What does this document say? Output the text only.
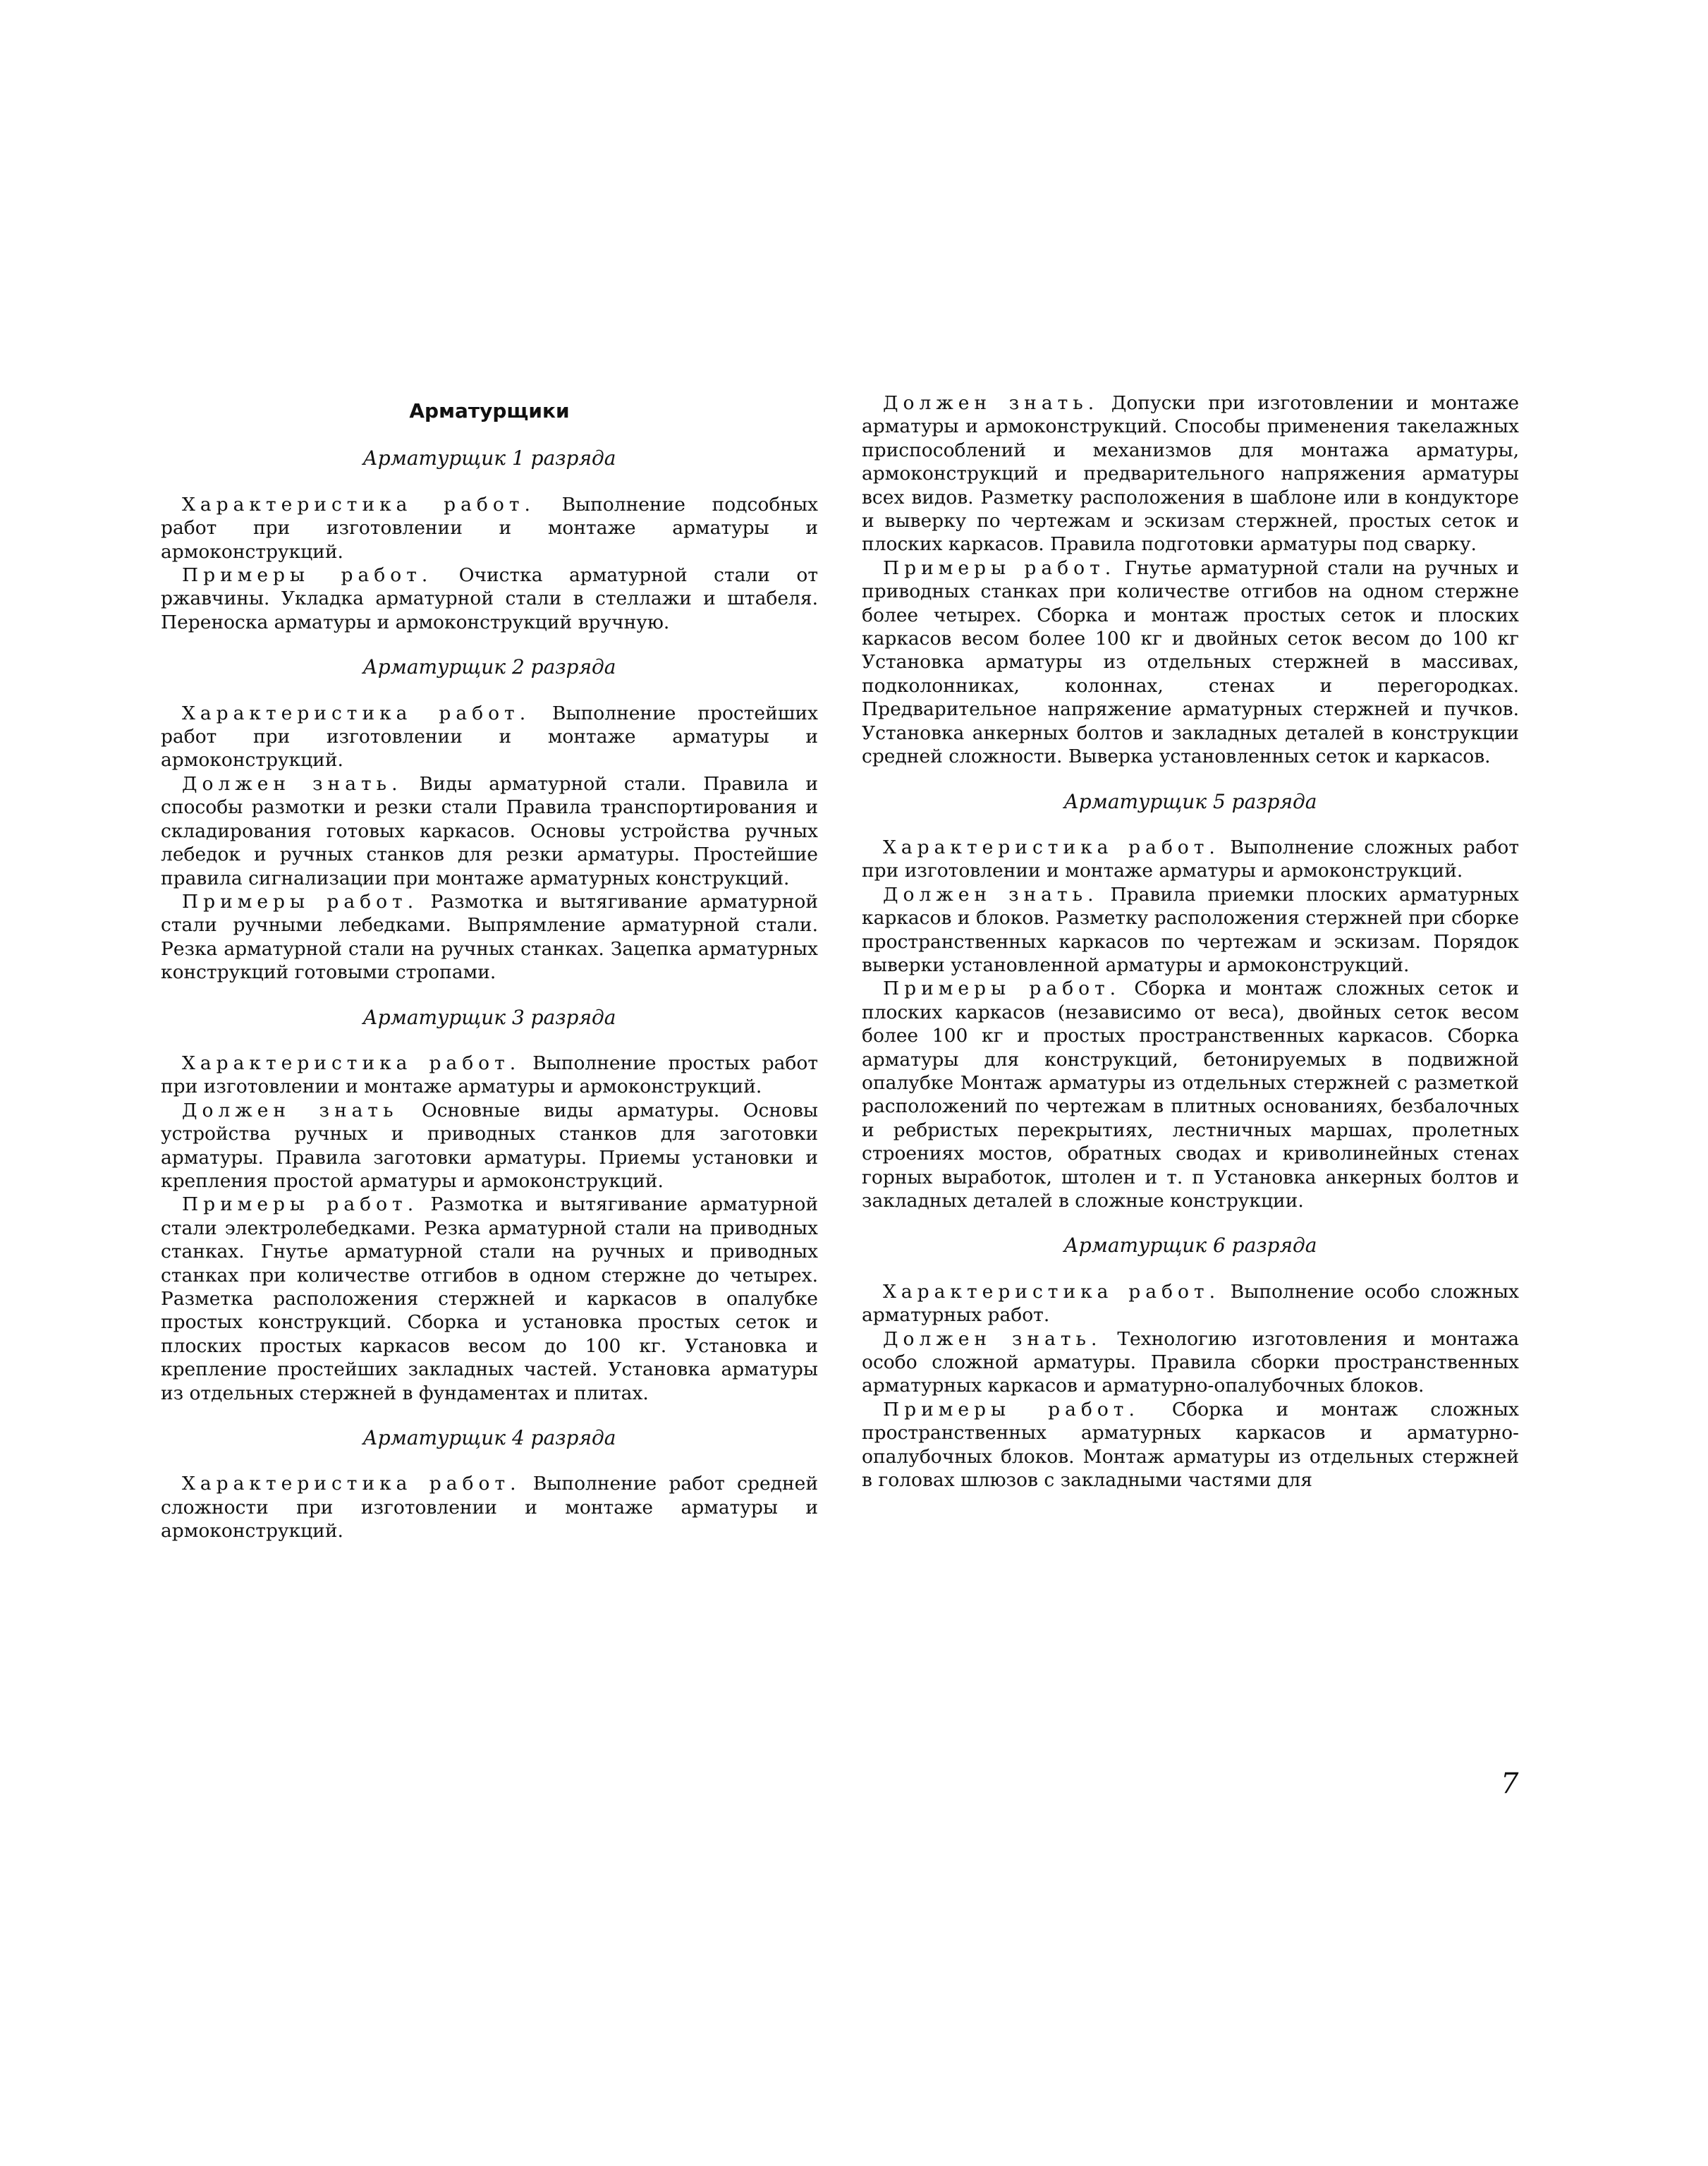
Арматурщики
Арматурщик 1 разряда

Характеристика работ. Выполнение подсобных работ при изготовлении и монтаже арматуры и армоконструкций.

Примеры работ. Очистка арматурной стали от ржавчины. Укладка арматурной стали в стеллажи и штабеля. Переноска арматуры и армоконструкций вручную.

Арматурщик 2 разряда

Характеристика работ. Выполнение простейших работ при изготовлении и монтаже арматуры и армоконструкций.

Должен знать. Виды арматурной стали. Правила и способы размотки и резки стали Правила транспортирования и складирования готовых каркасов. Основы устройства ручных лебедок и ручных станков для резки арматуры. Простейшие правила сигнализации при монтаже арматурных конструкций.

Примеры работ. Размотка и вытягивание арматурной стали ручными лебедками. Выпрямление арматурной стали. Резка арматурной стали на ручных станках. Зацепка арматурных конструкций готовыми стропами.

Арматурщик 3 разряда

Характеристика работ. Выполнение простых работ при изготовлении и монтаже арматуры и армоконструкций.

Должен знать Основные виды арматуры. Основы устройства ручных и приводных станков для заготовки арматуры. Правила заготовки арматуры. Приемы установки и крепления простой арматуры и армоконструкций.

Примеры работ. Размотка и вытягивание арматурной стали электролебедками. Резка арматурной стали на приводных станках. Гнутье арматурной стали на ручных и приводных станках при количестве отгибов в одном стержне до четырех. Разметка расположения стержней и каркасов в опалубке простых конструкций. Сборка и установка простых сеток и плоских простых каркасов весом до 100 кг. Установка и крепление простейших закладных частей. Установка арматуры из отдельных стержней в фундаментах и плитах.

Арматурщик 4 разряда

Характеристика работ. Выполнение работ средней сложности при изготовлении и монтаже арматуры и армоконструкций.

Должен знать. Допуски при изготовлении и монтаже арматуры и армоконструкций. Способы применения такелажных приспособлений и механизмов для монтажа арматуры, армоконструкций и предварительного напряжения арматуры всех видов. Разметку расположения в шаблоне или в кондукторе и выверку по чертежам и эскизам стержней, простых сеток и плоских каркасов. Правила подготовки арматуры под сварку.

Примеры работ. Гнутье арматурной стали на ручных и приводных станках при количестве отгибов на одном стержне более четырех. Сборка и монтаж простых сеток и плоских каркасов весом более 100 кг и двойных сеток весом до 100 кг Установка арматуры из отдельных стержней в массивах, подколонниках, колоннах, стенах и перегородках. Предварительное напряжение арматурных стержней и пучков. Установка анкерных болтов и закладных деталей в конструкции средней сложности. Выверка установленных сеток и каркасов.

Арматурщик 5 разряда

Характеристика работ. Выполнение сложных работ при изготовлении и монтаже арматуры и армоконструкций.

Должен знать. Правила приемки плоских арматурных каркасов и блоков. Разметку расположения стержней при сборке пространственных каркасов по чертежам и эскизам. Порядок выверки установленной арматуры и армоконструкций.

Примеры работ. Сборка и монтаж сложных сеток и плоских каркасов (независимо от веса), двойных сеток весом более 100 кг и простых пространственных каркасов. Сборка арматуры для конструкций, бетонируемых в подвижной опалубке Монтаж арматуры из отдельных стержней с разметкой расположений по чертежам в плитных основаниях, безбалочных и ребристых перекрытиях, лестничных маршах, пролетных строениях мостов, обратных сводах и криволинейных стенах горных выработок, штолен и т. п Установка анкерных болтов и закладных деталей в сложные конструкции.

Арматурщик 6 разряда

Характеристика работ. Выполнение особо сложных арматурных работ.

Должен знать. Технологию изготовления и монтажа особо сложной арматуры. Правила сборки пространственных арматурных каркасов и арматурно-опалубочных блоков.

Примеры работ. Сборка и монтаж сложных пространственных арматурных каркасов и арматурно-опалубочных блоков. Монтаж арматуры из отдельных стержней в головах шлюзов с закладными частями для

7
